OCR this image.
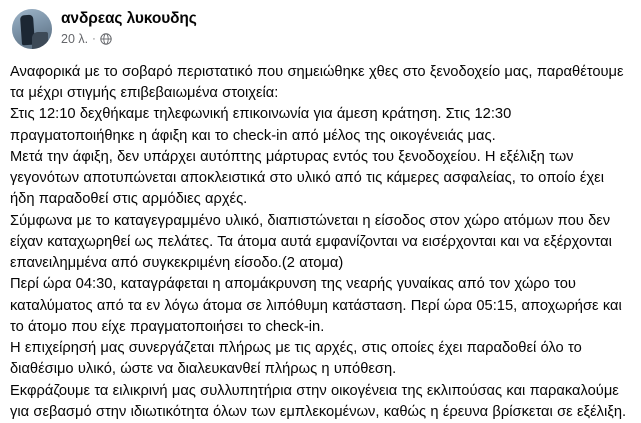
ανδρεας λυκουδης
20 λ. ·

Αναφορικά με το σοβαρό περιστατικό που σημειώθηκε χθες στο ξενοδοχείο μας, παραθέτουμε τα μέχρι στιγμής επιβεβαιωμένα στοιχεία:
Στις 12:10 δεχθήκαμε τηλεφωνική επικοινωνία για άμεση κράτηση. Στις 12:30 πραγματοποιήθηκε η άφιξη και το check-in από μέλος της οικογένειάς μας.
Μετά την άφιξη, δεν υπάρχει αυτόπτης μάρτυρας εντός του ξενοδοχείου. Η εξέλιξη των γεγονότων αποτυπώνεται αποκλειστικά στο υλικό από τις κάμερες ασφαλείας, το οποίο έχει ήδη παραδοθεί στις αρμόδιες αρχές.
Σύμφωνα με το καταγεγραμμένο υλικό, διαπιστώνεται η είσοδος στον χώρο ατόμων που δεν είχαν καταχωρηθεί ως πελάτες. Τα άτομα αυτά εμφανίζονται να εισέρχονται και να εξέρχονται επανειλημμένα από συγκεκριμένη είσοδο.(2 ατομα)
Περί ώρα 04:30, καταγράφεται η απομάκρυνση της νεαρής γυναίκας από τον χώρο του καταλύματος από τα εν λόγω άτομα σε λιπόθυμη κατάσταση. Περί ώρα 05:15, αποχωρήσε και το άτομο που είχε πραγματοποιήσει το check-in.
Η επιχείρησή μας συνεργάζεται πλήρως με τις αρχές, στις οποίες έχει παραδοθεί όλο το διαθέσιμο υλικό, ώστε να διαλευκανθεί πλήρως η υπόθεση.
Εκφράζουμε τα ειλικρινή μας συλλυπητήρια στην οικογένεια της εκλιπούσας και παρακαλούμε για σεβασμό στην ιδιωτικότητα όλων των εμπλεκομένων, καθώς η έρευνα βρίσκεται σε εξέλιξη.
